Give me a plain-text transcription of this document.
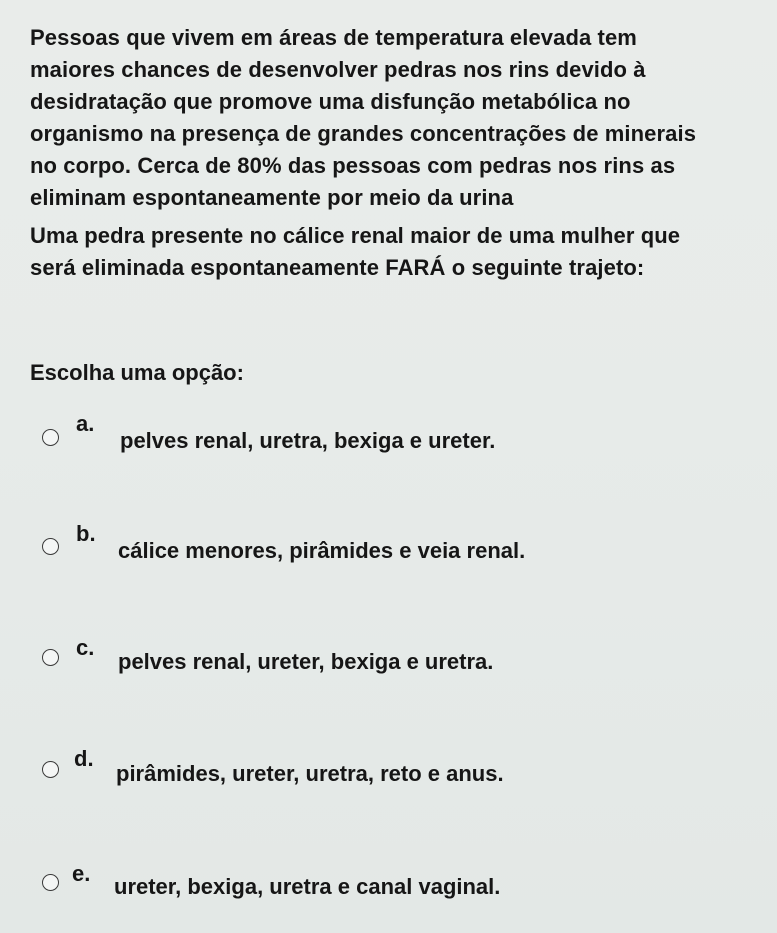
Pessoas que vivem em áreas de temperatura elevada tem
maiores chances de desenvolver pedras nos rins devido à
desidratação que promove uma disfunção metabólica no
organismo na presença de grandes concentrações de minerais
no corpo. Cerca de 80% das pessoas com pedras nos rins as
eliminam espontaneamente por meio da urina

Uma pedra presente no cálice renal maior de uma mulher que
será eliminada espontaneamente FARÁ o seguinte trajeto:

Escolha uma opção:
a.
pelves renal, uretra, bexiga e ureter.
b.
cálice menores, pirâmides e veia renal.
c.
pelves renal, ureter, bexiga e uretra.
d.
pirâmides, ureter, uretra, reto e anus.
e.
ureter, bexiga, uretra e canal vaginal.
